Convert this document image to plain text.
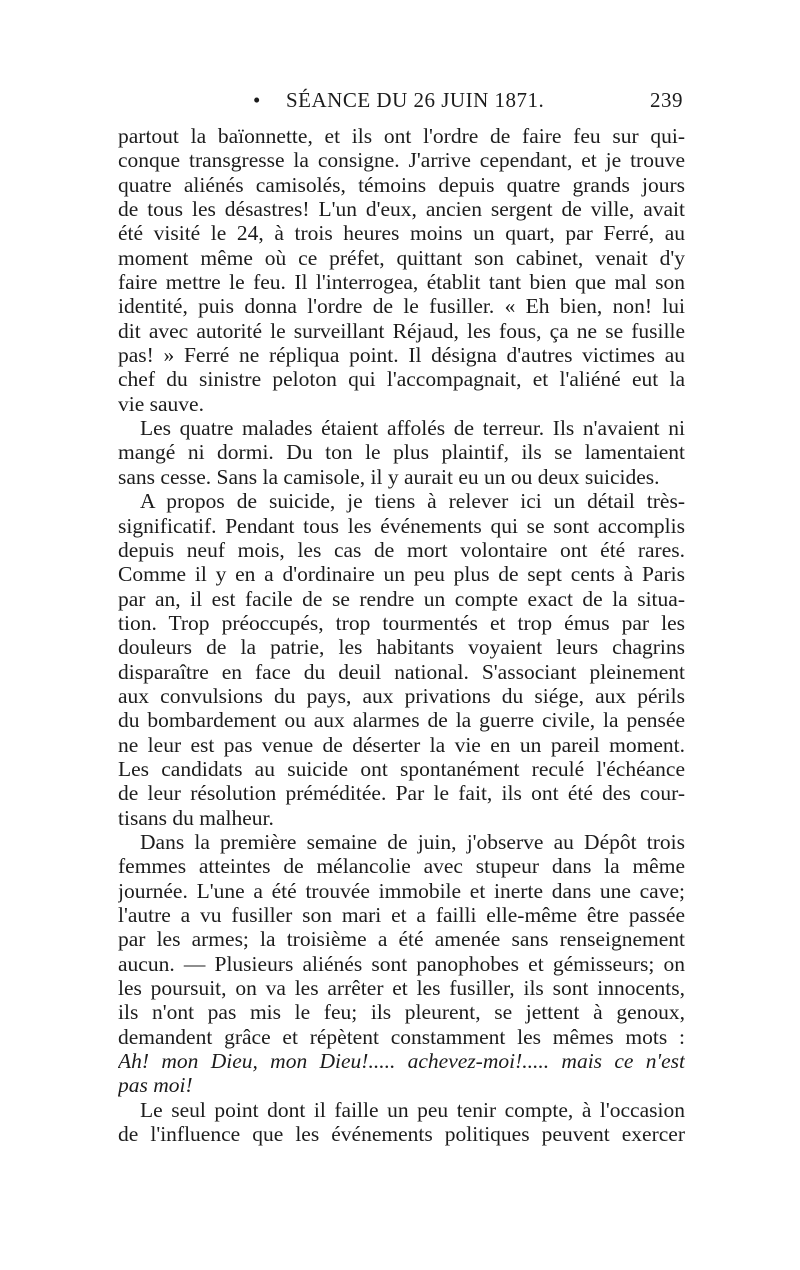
• SÉANCE DU 26 JUIN 1871.	239
partout la baïonnette, et ils ont l'ordre de faire feu sur qui-
conque transgresse la consigne. J'arrive cependant, et je trouve
quatre aliénés camisolés, témoins depuis quatre grands jours
de tous les désastres! L'un d'eux, ancien sergent de ville, avait
été visité le 24, à trois heures moins un quart, par Ferré, au
moment même où ce préfet, quittant son cabinet, venait d'y
faire mettre le feu. Il l'interrogea, établit tant bien que mal son
identité, puis donna l'ordre de le fusiller. « Eh bien, non! lui
dit avec autorité le surveillant Réjaud, les fous, ça ne se fusille
pas! » Ferré ne répliqua point. Il désigna d'autres victimes au
chef du sinistre peloton qui l'accompagnait, et l'aliéné eut la
vie sauve.
Les quatre malades étaient affolés de terreur. Ils n'avaient ni
mangé ni dormi. Du ton le plus plaintif, ils se lamentaient
sans cesse. Sans la camisole, il y aurait eu un ou deux suicides.
A propos de suicide, je tiens à relever ici un détail très-
significatif. Pendant tous les événements qui se sont accomplis
depuis neuf mois, les cas de mort volontaire ont été rares.
Comme il y en a d'ordinaire un peu plus de sept cents à Paris
par an, il est facile de se rendre un compte exact de la situa-
tion. Trop préoccupés, trop tourmentés et trop émus par les
douleurs de la patrie, les habitants voyaient leurs chagrins
disparaître en face du deuil national. S'associant pleinement
aux convulsions du pays, aux privations du siége, aux périls
du bombardement ou aux alarmes de la guerre civile, la pensée
ne leur est pas venue de déserter la vie en un pareil moment.
Les candidats au suicide ont spontanément reculé l'échéance
de leur résolution préméditée. Par le fait, ils ont été des cour-
tisans du malheur.
Dans la première semaine de juin, j'observe au Dépôt trois
femmes atteintes de mélancolie avec stupeur dans la même
journée. L'une a été trouvée immobile et inerte dans une cave;
l'autre a vu fusiller son mari et a failli elle-même être passée
par les armes; la troisième a été amenée sans renseignement
aucun. — Plusieurs aliénés sont panophobes et gémisseurs; on
les poursuit, on va les arrêter et les fusiller, ils sont innocents,
ils n'ont pas mis le feu; ils pleurent, se jettent à genoux,
demandent grâce et répètent constamment les mêmes mots :
Ah! mon Dieu, mon Dieu!..... achevez-moi!..... mais ce n'est
pas moi!
Le seul point dont il faille un peu tenir compte, à l'occasion
de l'influence que les événements politiques peuvent exercer
